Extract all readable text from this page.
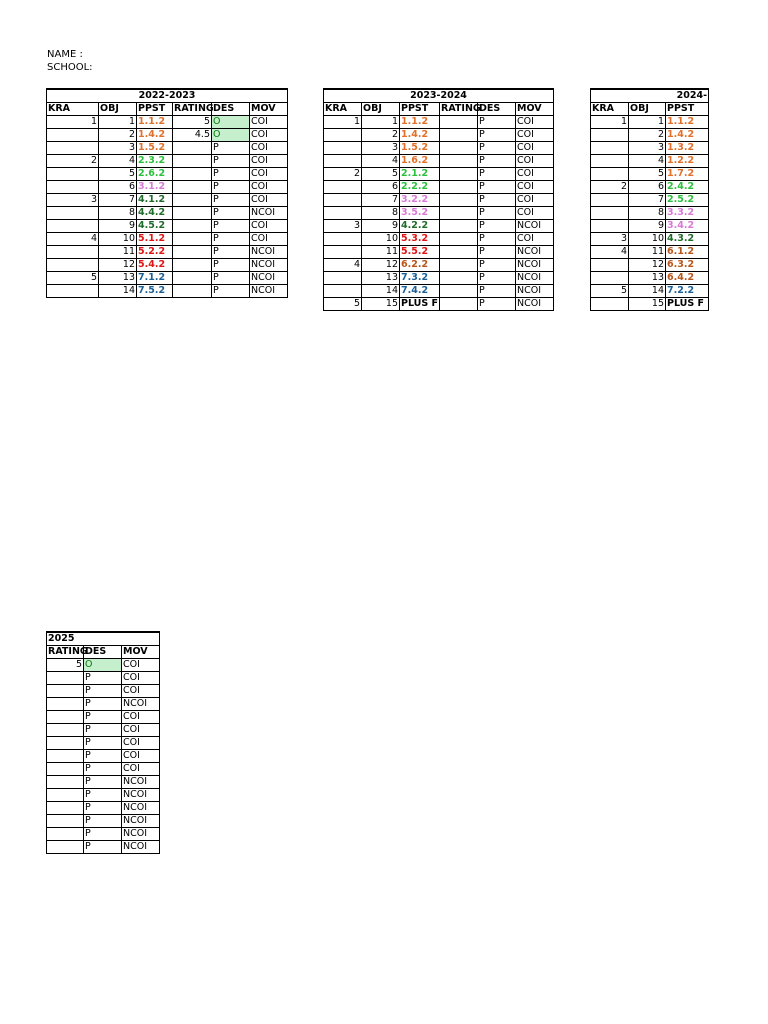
NAME :
SCHOOL:
2022-2023					
KRA	OBJ	PPST	RATING	DES	MOV
1	1	1.1.2	5	O	COI
	2	1.4.2	4.5	O	COI
	3	1.5.2		P	COI
2	4	2.3.2		P	COI
	5	2.6.2		P	COI
	6	3.1.2		P	COI
3	7	4.1.2		P	COI
	8	4.4.2		P	NCOI
	9	4.5.2		P	COI
4	10	5.1.2		P	COI
	11	5.2.2		P	NCOI
	12	5.4.2		P	NCOI
5	13	7.1.2		P	NCOI
	14	7.5.2		P	NCOI
2023-2024					
KRA	OBJ	PPST	RATING	DES	MOV
1	1	1.1.2		P	COI
	2	1.4.2		P	COI
	3	1.5.2		P	COI
	4	1.6.2		P	COI
2	5	2.1.2		P	COI
	6	2.2.2		P	COI
	7	3.2.2		P	COI
	8	3.5.2		P	COI
3	9	4.2.2		P	NCOI
	10	5.3.2		P	COI
	11	5.5.2		P	NCOI
4	12	6.2.2		P	NCOI
	13	7.3.2		P	NCOI
	14	7.4.2		P	NCOI
5	15	PLUS F		P	NCOI
2024-		
KRA	OBJ	PPST
1	1	1.1.2
	2	1.4.2
	3	1.3.2
	4	1.2.2
	5	1.7.2
2	6	2.4.2
	7	2.5.2
	8	3.3.2
	9	3.4.2
3	10	4.3.2
4	11	6.1.2
	12	6.3.2
	13	6.4.2
5	14	7.2.2
	15	PLUS F
2025		
RATING	DES	MOV
5	O	COI
	P	COI
	P	COI
	P	NCOI
	P	COI
	P	COI
	P	COI
	P	COI
	P	COI
	P	NCOI
	P	NCOI
	P	NCOI
	P	NCOI
	P	NCOI
	P	NCOI
